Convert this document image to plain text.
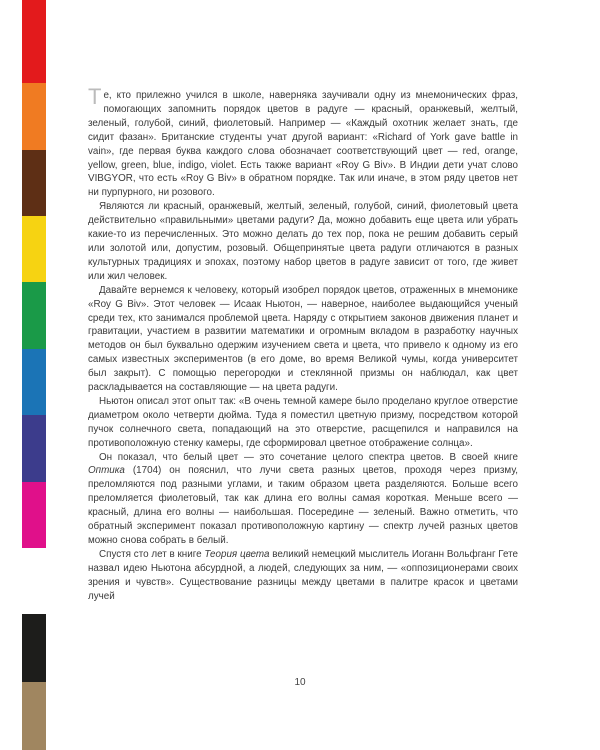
Те, кто прилежно учился в школе, наверняка заучивали одну из мнемонических фраз, помогающих запомнить порядок цветов в радуге — красный, оранжевый, желтый, зеленый, голубой, синий, фиолетовый. Например — «Каждый охотник желает знать, где сидит фазан». Британские студенты учат другой вариант: «Richard of York gave battle in vain», где первая буква каждого слова обозначает соответствующий цвет — red, orange, yellow, green, blue, indigo, violet. Есть также вариант «Roy G Biv». В Индии дети учат слово VIBGYOR, что есть «Roy G Biv» в обратном порядке. Так или иначе, в этом ряду цветов нет ни пурпурного, ни розового.

Являются ли красный, оранжевый, желтый, зеленый, голубой, синий, фиолетовый цвета действительно «правильными» цветами радуги? Да, можно добавить еще цвета или убрать какие-то из перечисленных. Это можно делать до тех пор, пока не решим добавить серый или золотой или, допустим, розовый. Общепринятые цвета радуги отличаются в разных культурных традициях и эпохах, поэтому набор цветов в радуге зависит от того, где живет или жил человек.

Давайте вернемся к человеку, который изобрел порядок цветов, отраженных в мнемонике «Roy G Biv». Этот человек — Исаак Ньютон, — наверное, наиболее выдающийся ученый среди тех, кто занимался проблемой цвета. Наряду с открытием законов движения планет и гравитации, участием в развитии математики и огромным вкладом в разработку научных методов он был буквально одержим изучением света и цвета, что привело к одному из его самых известных экспериментов (в его доме, во время Великой чумы, когда университет был закрыт). С помощью перегородки и стеклянной призмы он наблюдал, как цвет раскладывается на составляющие — на цвета радуги.

Ньютон описал этот опыт так: «В очень темной камере было проделано круглое отверстие диаметром около четверти дюйма. Туда я поместил цветную призму, посредством которой пучок солнечного света, попадающий на это отверстие, расщепился и направился на противоположную стенку камеры, где сформировал цветное отображение солнца».

Он показал, что белый цвет — это сочетание целого спектра цветов. В своей книге Оптика (1704) он пояснил, что лучи света разных цветов, проходя через призму, преломляются под разными углами, и таким образом цвета разделяются. Больше всего преломляется фиолетовый, так как длина его волны самая короткая. Меньше всего — красный, длина его волны — наибольшая. Посередине — зеленый. Важно отметить, что обратный эксперимент показал противоположную картину — спектр лучей разных цветов можно снова собрать в белый.

Спустя сто лет в книге Теория цвета великий немецкий мыслитель Иоганн Вольфганг Гете назвал идею Ньютона абсурдной, а людей, следующих за ним, — «оппозиционерами своих зрения и чувств». Существование разницы между цветами в палитре красок и цветами лучей

10
